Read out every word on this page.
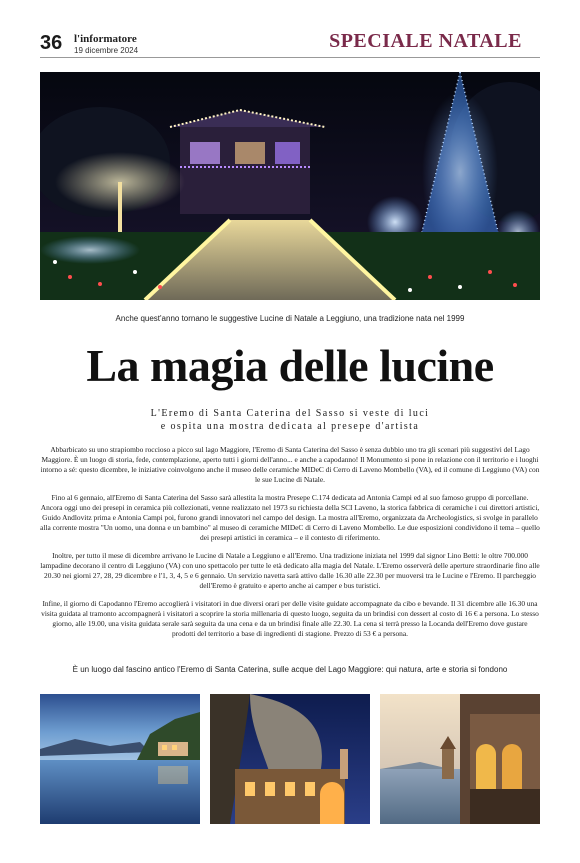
36 l'informatore
19 dicembre 2024	SPECIALE NATALE
Anche quest'anno tornano le suggestive Lucine di Natale a Leggiuno, una tradizione nata nel 1999
La magia delle lucine
L'Eremo di Santa Caterina del Sasso si veste di luci
e ospita una mostra dedicata al presepe d'artista

Abbarbicato su uno strapiombo roccioso a picco sul lago Maggiore, l'Eremo di Santa Caterina del Sasso è senza dubbio uno tra gli scenari più suggestivi del Lago Maggiore. È un luogo di storia, fede, contemplazione, aperto tutti i giorni dell'anno... e anche a capodanno! Il Monumento si pone in relazione con il territorio e i luoghi intorno a sé: questo dicembre, le iniziative coinvolgono anche il museo delle ceramiche MIDeC di Cerro di Laveno Mombello (VA), ed il comune di Leggiuno (VA) con le sue Lucine di Natale.

Fino al 6 gennaio, all'Eremo di Santa Caterina del Sasso sarà allestita la mostra Presepe C.174 dedicata ad Antonia Campi ed al suo famoso gruppo di porcellane. Ancora oggi uno dei presepi in ceramica più collezionati, venne realizzato nel 1973 su richiesta della SCI Laveno, la storica fabbrica di ceramiche i cui direttori artistici, Guido Andlovitz prima e Antonia Campi poi, furono grandi innovatori nel campo del design. La mostra all'Eremo, organizzata da Archeologistics, si svolge in parallelo alla corrente mostra "Un uomo, una donna e un bambino" al museo di ceramiche MIDeC di Cerro di Laveno Mombello. Le due esposizioni condividono il tema – quello dei presepi artistici in ceramica – e il contesto di riferimento.

Inoltre, per tutto il mese di dicembre arrivano le Lucine di Natale a Leggiuno e all'Eremo. Una tradizione iniziata nel 1999 dal signor Lino Betti: le oltre 700.000 lampadine decorano il centro di Leggiuno (VA) con uno spettacolo per tutte le età dedicato alla magia del Natale. L'Eremo osserverà delle aperture straordinarie fino alle 20.30 nei giorni 27, 28, 29 dicembre e l'1, 3, 4, 5 e 6 gennaio. Un servizio navetta sarà attivo dalle 16.30 alle 22.30 per muoversi tra le Lucine e l'Eremo. Il parcheggio dell'Eremo è gratuito e aperto anche ai camper e bus turistici.

Infine, il giorno di Capodanno l'Eremo accoglierà i visitatori in due diversi orari per delle visite guidate accompagnate da cibo e bevande. Il 31 dicembre alle 16.30 una visita guidata al tramonto accompagnerà i visitatori a scoprire la storia millenaria di questo luogo, seguita da un brindisi con dessert al costo di 16 € a persona. Lo stesso giorno, alle 19.00, una visita guidata serale sarà seguita da una cena e da un brindisi finale alle 22.30. La cena si terrà presso la Locanda dell'Eremo dove gustare prodotti del territorio a base di ingredienti di stagione. Prezzo di 53 € a persona.

È un luogo dal fascino antico l'Eremo di Santa Caterina, sulle acque del Lago Maggiore: qui natura, arte e storia si fondono
